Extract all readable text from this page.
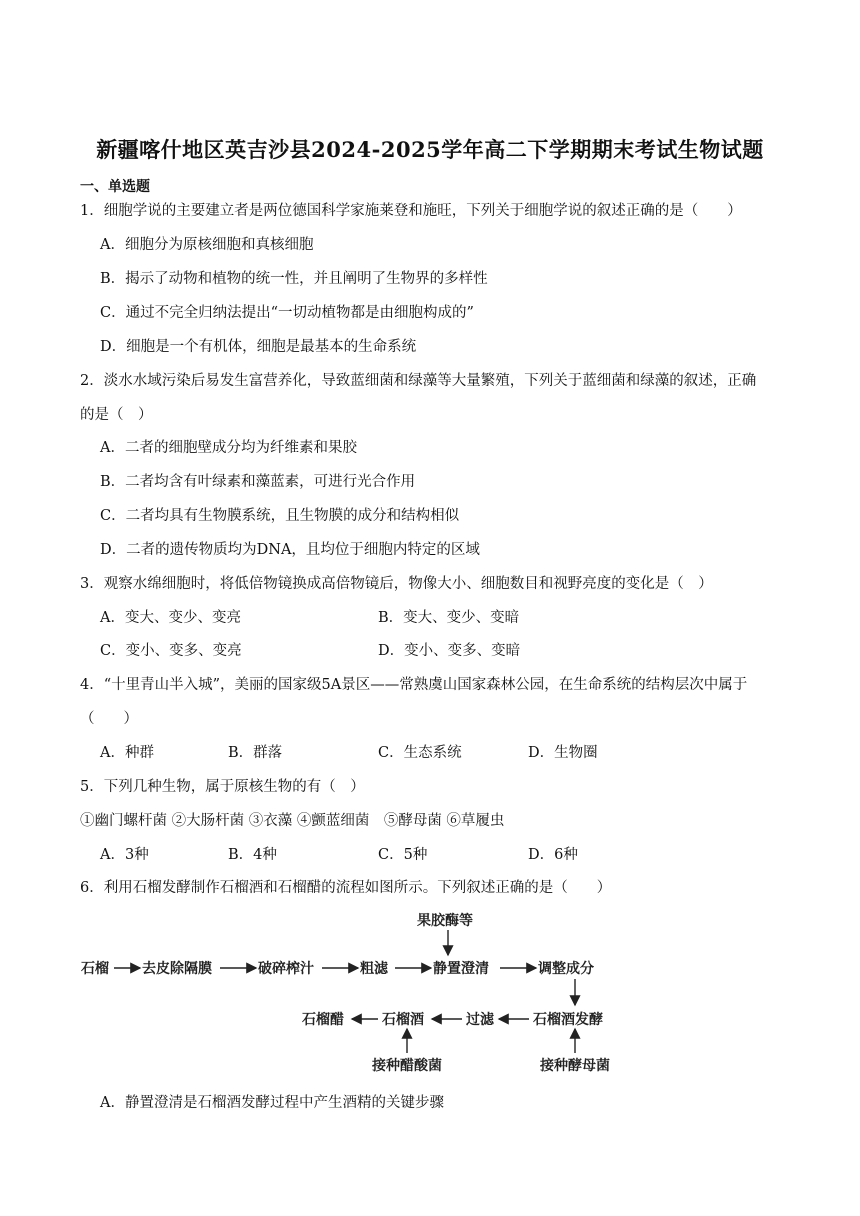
新疆喀什地区英吉沙县2024-2025学年高二下学期期末考试生物试题
一、单选题
1．细胞学说的主要建立者是两位德国科学家施莱登和施旺，下列关于细胞学说的叙述正确的是（　　）
A．细胞分为原核细胞和真核细胞
B．揭示了动物和植物的统一性，并且阐明了生物界的多样性
C．通过不完全归纳法提出“一切动植物都是由细胞构成的”
D．细胞是一个有机体，细胞是最基本的生命系统
2．淡水水域污染后易发生富营养化，导致蓝细菌和绿藻等大量繁殖，下列关于蓝细菌和绿藻的叙述，正确
的是（　）
A．二者的细胞壁成分均为纤维素和果胶
B．二者均含有叶绿素和藻蓝素，可进行光合作用
C．二者均具有生物膜系统，且生物膜的成分和结构相似
D．二者的遗传物质均为DNA，且均位于细胞内特定的区域
3．观察水绵细胞时，将低倍物镜换成高倍物镜后，物像大小、细胞数目和视野亮度的变化是（　）
A．变大、变少、变亮	B．变大、变少、变暗
C．变小、变多、变亮	D．变小、变多、变暗
4．“十里青山半入城”，美丽的国家级5A景区——常熟虞山国家森林公园，在生命系统的结构层次中属于
（　　）
A．种群	B．群落	C．生态系统	D．生物圈
5．下列几种生物，属于原核生物的有（　）
①幽门螺杆菌 ②大肠杆菌 ③衣藻 ④颤蓝细菌　⑤酵母菌 ⑥草履虫
A．3种	B．4种	C．5种	D．6种
6．利用石榴发酵制作石榴酒和石榴醋的流程如图所示。下列叙述正确的是（　　）
果胶酶等
石榴 去皮除隔膜	破碎榨汁	粗滤	静置澄清	调整成分
石榴酒发酵
过滤
石榴酒
石榴醋
接种醋酸菌	接种酵母菌
A．静置澄清是石榴酒发酵过程中产生酒精的关键步骤
